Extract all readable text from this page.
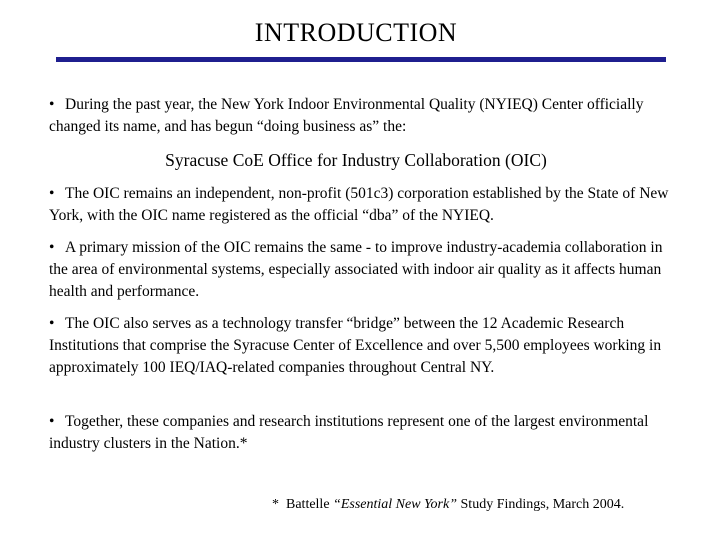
INTRODUCTION
• During the past year, the New York Indoor Environmental Quality (NYIEQ) Center officially changed its name, and has begun “doing business as” the:
Syracuse CoE Office for Industry Collaboration (OIC)
• The OIC remains an independent, non-profit (501c3) corporation established by the State of New York, with the OIC name registered as the official “dba” of the NYIEQ.
• A primary mission of the OIC remains the same - to improve industry-academia collaboration in the area of environmental systems, especially associated with indoor air quality as it affects human health and performance.
• The OIC also serves as a technology transfer “bridge” between the 12 Academic Research Institutions that comprise the Syracuse Center of Excellence and over 5,500 employees working in approximately 100 IEQ/IAQ-related companies throughout Central NY.
• Together, these companies and research institutions represent one of the largest environmental industry clusters in the Nation.*
* Battelle “Essential New York” Study Findings, March 2004.
